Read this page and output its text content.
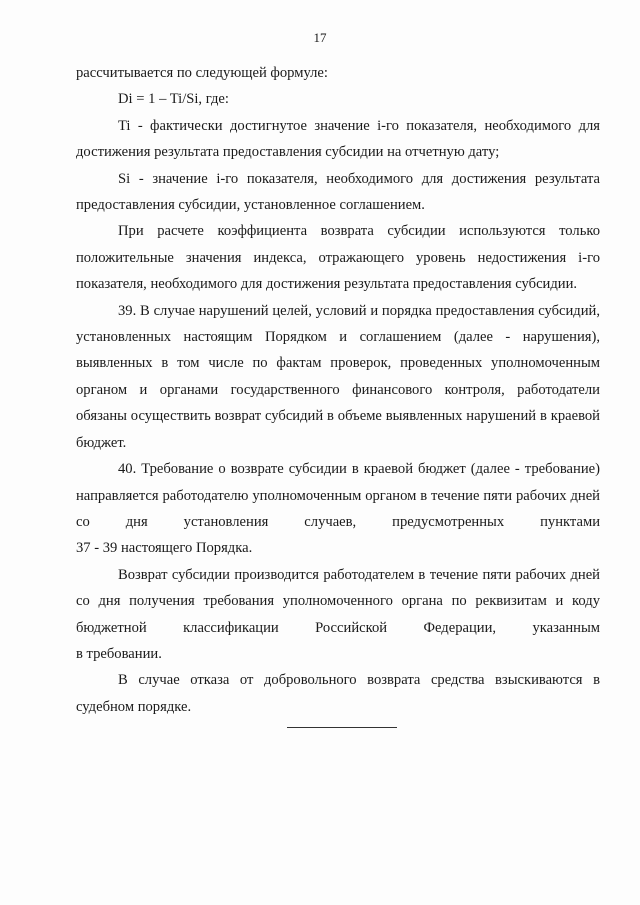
17

рассчитывается по следующей формуле:

Di = 1 – Ti/Si, где:

Ti - фактически достигнутое значение i-го показателя, необходимого для достижения результата предоставления субсидии на отчетную дату;

Si - значение i-го показателя, необходимого для достижения результата предоставления субсидии, установленное соглашением.

При расчете коэффициента возврата субсидии используются только положительные значения индекса, отражающего уровень недостижения i-го показателя, необходимого для достижения результата предоставления субсидии.

39. В случае нарушений целей, условий и порядка предоставления субсидий, установленных настоящим Порядком и соглашением (далее - нарушения), выявленных в том числе по фактам проверок, проведенных уполномоченным органом и органами государственного финансового контроля, работодатели обязаны осуществить возврат субсидий в объеме выявленных нарушений в краевой бюджет.

40. Требование о возврате субсидии в краевой бюджет (далее - требование) направляется работодателю уполномоченным органом в течение пяти рабочих дней со дня установления случаев, предусмотренных пунктами

37 - 39 настоящего Порядка.

Возврат субсидии производится работодателем в течение пяти рабочих дней со дня получения требования уполномоченного органа по реквизитам и коду бюджетной классификации Российской Федерации, указанным

в требовании.

В случае отказа от добровольного возврата средства взыскиваются в судебном порядке.
